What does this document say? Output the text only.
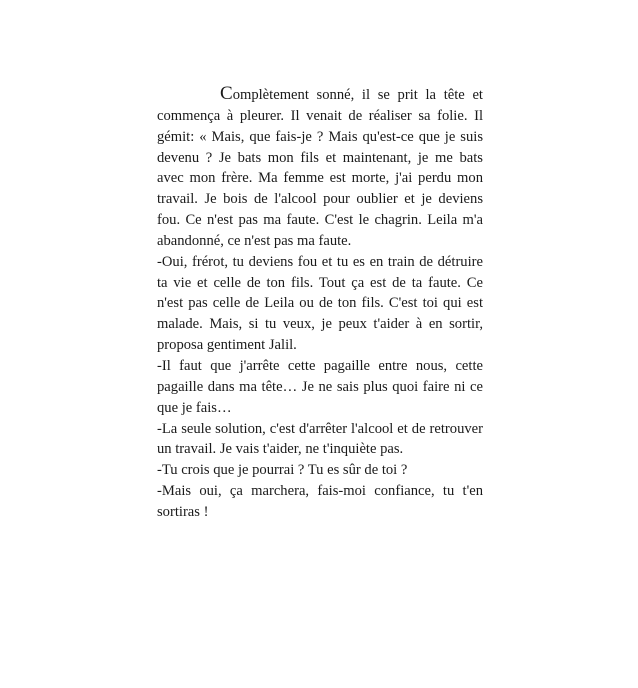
Complètement sonné, il se prit la tête et commença à pleurer. Il venait de réaliser sa folie. Il gémit: « Mais, que fais-je ? Mais qu'est-ce que je suis devenu ? Je bats mon fils et maintenant, je me bats avec mon frère. Ma femme est morte, j'ai perdu mon travail. Je bois de l'alcool pour oublier et je deviens fou. Ce n'est pas ma faute. C'est le chagrin. Leila m'a abandonné, ce n'est pas ma faute.

-Oui, frérot, tu deviens fou et tu es en train de détruire ta vie et celle de ton fils. Tout ça est de ta faute. Ce n'est pas celle de Leila ou de ton fils. C'est toi qui est malade. Mais, si tu veux, je peux t'aider à en sortir, proposa gentiment Jalil.

-Il faut que j'arrête cette pagaille entre nous, cette pagaille dans ma tête… Je ne sais plus quoi faire ni ce que je fais…

-La seule solution, c'est d'arrêter l'alcool et de retrouver un travail. Je vais t'aider, ne t'inquiète pas.

-Tu crois que je pourrai ? Tu es sûr de toi ?

-Mais oui, ça marchera, fais-moi confiance, tu t'en sortiras !
